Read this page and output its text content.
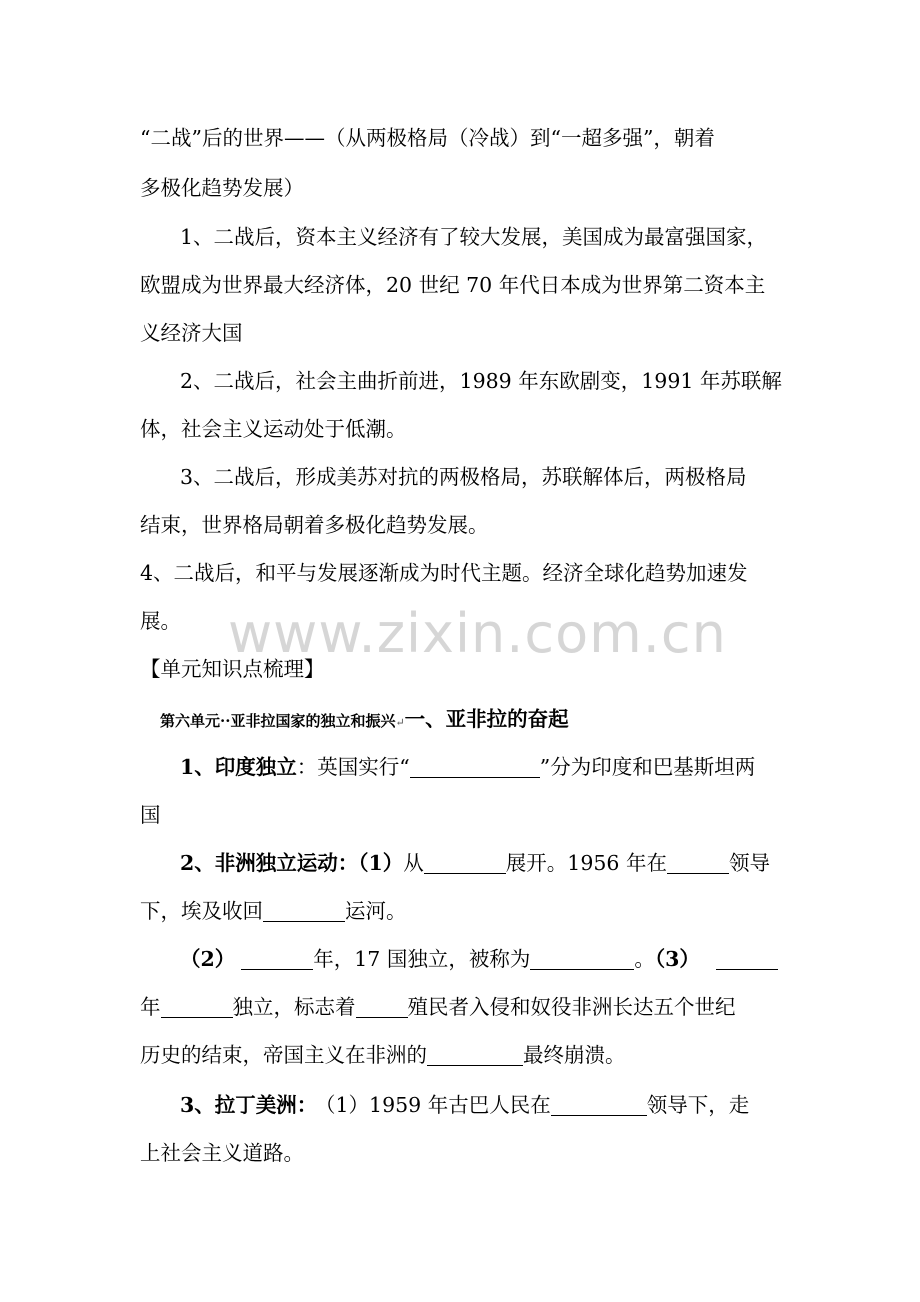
www.zixin.com.cn
“二战”后的世界——（从两极格局（冷战）到“一超多强”，朝着
多极化趋势发展）
1、二战后，资本主义经济有了较大发展，美国成为最富强国家，
欧盟成为世界最大经济体，20 世纪 70 年代日本成为世界第二资本主
义经济大国
2、二战后，社会主曲折前进，1989 年东欧剧变，1991 年苏联解
体，社会主义运动处于低潮。
3、二战后，形成美苏对抗的两极格局，苏联解体后，两极格局
结束，世界格局朝着多极化趋势发展。
4、二战后，和平与发展逐渐成为时代主题。经济全球化趋势加速发
展。
【单元知识点梳理】
第六单元··亚非拉国家的独立和振兴↵一、亚非拉的奋起
1、印度独立：英国实行“	”分为印度和巴基斯坦两
国
2、非洲独立运动：（1）从	展开。1956 年在	领导
下，埃及收回	运河。
（2）	年，17 国独立，被称为	。（3）
年	独立，标志着	殖民者入侵和奴役非洲长达五个世纪
历史的结束，帝国主义在非洲的	最终崩溃。
3、拉丁美洲： （1）1959 年古巴人民在	领导下，走
上社会主义道路。
